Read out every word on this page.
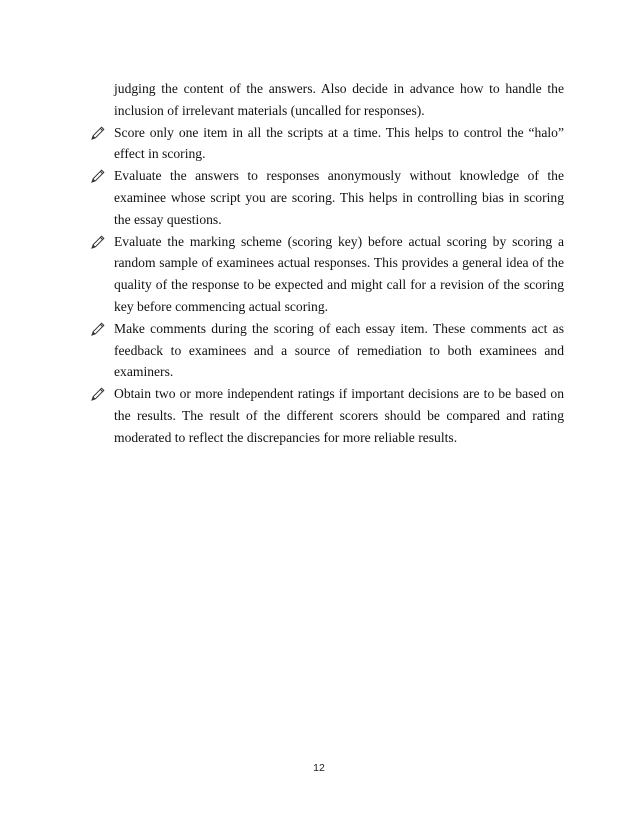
judging the content of the answers. Also decide in advance how to handle the inclusion of irrelevant materials (uncalled for responses).
Score only one item in all the scripts at a time. This helps to control the “halo” effect in scoring.
Evaluate the answers to responses anonymously without knowledge of the examinee whose script you are scoring. This helps in controlling bias in scoring the essay questions.
Evaluate the marking scheme (scoring key) before actual scoring by scoring a random sample of examinees actual responses. This provides a general idea of the quality of the response to be expected and might call for a revision of the scoring key before commencing actual scoring.
Make comments during the scoring of each essay item. These comments act as feedback to examinees and a source of remediation to both examinees and examiners.
Obtain two or more independent ratings if important decisions are to be based on the results. The result of the different scorers should be compared and rating moderated to reflect the discrepancies for more reliable results.
12
